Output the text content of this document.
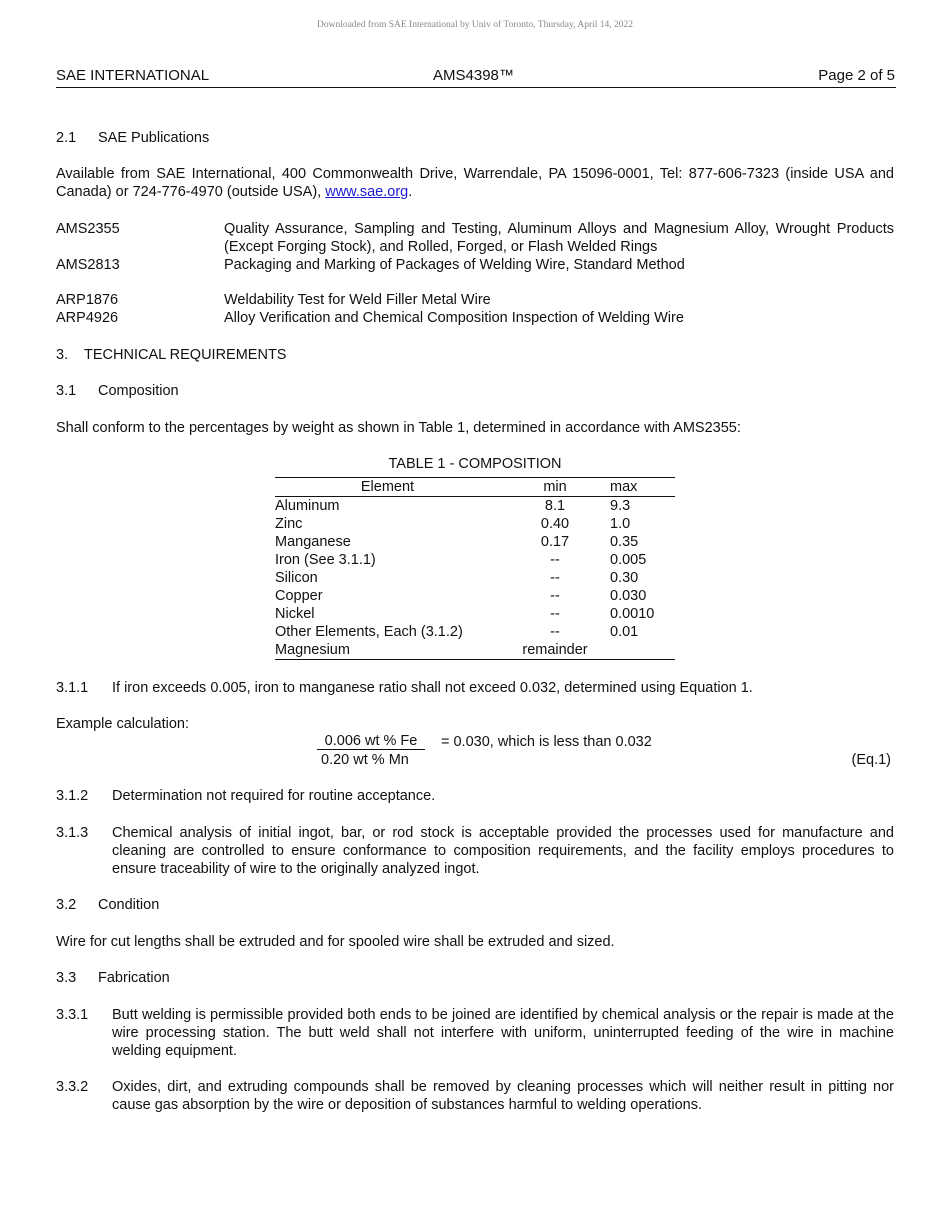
Downloaded from SAE International by Univ of Toronto, Thursday, April 14, 2022
SAE INTERNATIONAL	AMS4398™	Page 2 of 5
2.1 SAE Publications
Available from SAE International, 400 Commonwealth Drive, Warrendale, PA 15096-0001, Tel: 877-606-7323 (inside USA and Canada) or 724-776-4970 (outside USA), www.sae.org.
AMS2355	Quality Assurance, Sampling and Testing, Aluminum Alloys and Magnesium Alloy, Wrought Products (Except Forging Stock), and Rolled, Forged, or Flash Welded Rings
AMS2813	Packaging and Marking of Packages of Welding Wire, Standard Method
ARP1876	Weldability Test for Weld Filler Metal Wire
ARP4926	Alloy Verification and Chemical Composition Inspection of Welding Wire
3. TECHNICAL REQUIREMENTS
3.1 Composition
Shall conform to the percentages by weight as shown in Table 1, determined in accordance with AMS2355:
TABLE 1 - COMPOSITION
Element	min	max
Aluminum	8.1	9.3
Zinc	0.40	1.0
Manganese	0.17	0.35
Iron (See 3.1.1)	--	0.005
Silicon	--	0.30
Copper	--	0.030
Nickel	--	0.0010
Other Elements, Each (3.1.2)	--	0.01
Magnesium	remainder	
3.1.1 If iron exceeds 0.005, iron to manganese ratio shall not exceed 0.032, determined using Equation 1.
Example calculation:
0.006 wt % Fe
0.20 wt % Mn
= 0.030, which is less than 0.032
(Eq.1)
3.1.2 Determination not required for routine acceptance.
3.1.3 Chemical analysis of initial ingot, bar, or rod stock is acceptable provided the processes used for manufacture and cleaning are controlled to ensure conformance to composition requirements, and the facility employs procedures to ensure traceability of wire to the originally analyzed ingot.
3.2 Condition
Wire for cut lengths shall be extruded and for spooled wire shall be extruded and sized.
3.3 Fabrication
3.3.1 Butt welding is permissible provided both ends to be joined are identified by chemical analysis or the repair is made at the wire processing station. The butt weld shall not interfere with uniform, uninterrupted feeding of the wire in machine welding equipment.
3.3.2 Oxides, dirt, and extruding compounds shall be removed by cleaning processes which will neither result in pitting nor cause gas absorption by the wire or deposition of substances harmful to welding operations.
